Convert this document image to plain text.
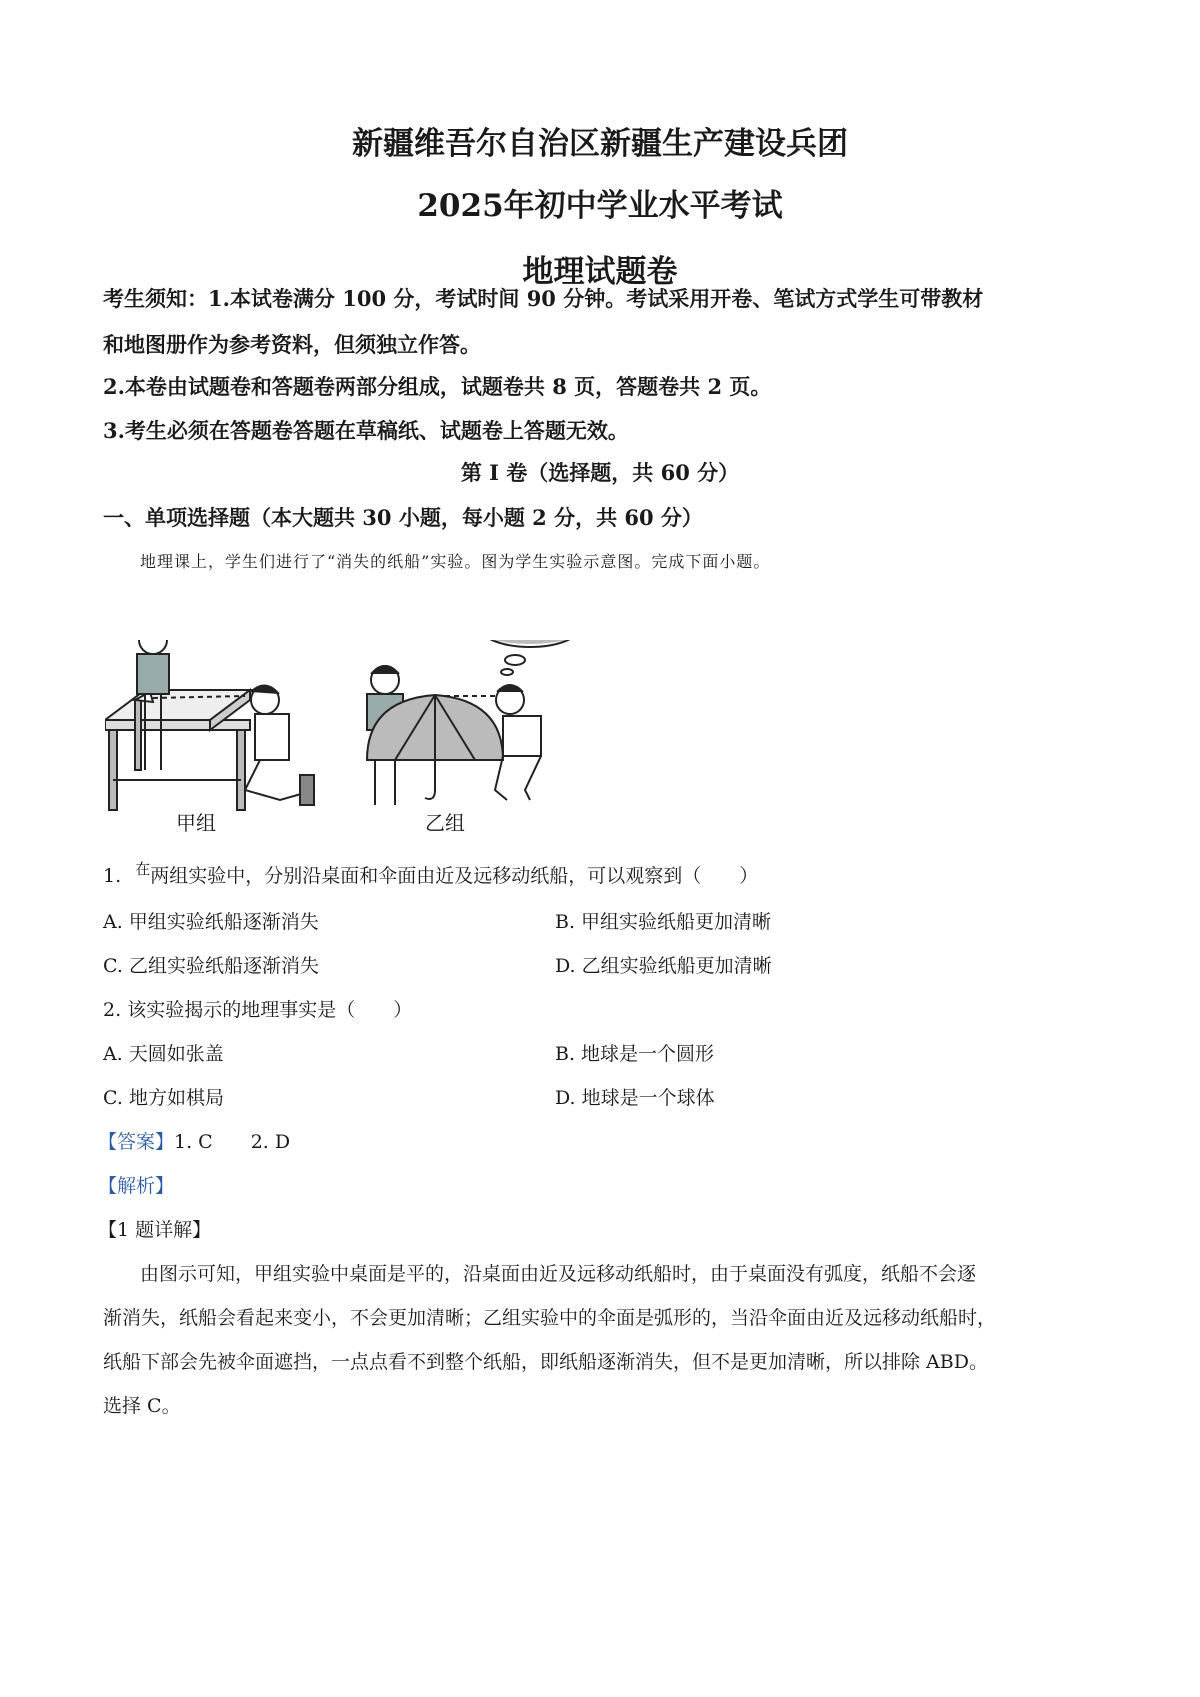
新疆维吾尔自治区新疆生产建设兵团
2025年初中学业水平考试
地理试题卷
考生须知：1.本试卷满分 100 分，考试时间 90 分钟。考试采用开卷、笔试方式学生可带教材
和地图册作为参考资料，但须独立作答。
2.本卷由试题卷和答题卷两部分组成，试题卷共 8 页，答题卷共 2 页。
3.考生必须在答题卷答题在草稿纸、试题卷上答题无效。
第 I 卷（选择题，共 60 分）
一、单项选择题（本大题共 30 小题，每小题 2 分，共 60 分）
地理课上，学生们进行了“消失的纸船”实验。图为学生实验示意图。完成下面小题。
甲组	乙组
1. $^在$两组实验中，分别沿桌面和伞面由近及远移动纸船，可以观察到（　　）
A. 甲组实验纸船逐渐消失	B. 甲组实验纸船更加清晰
C. 乙组实验纸船逐渐消失	D. 乙组实验纸船更加清晰
2. 该实验揭示的地理事实是（　　）
A. 天圆如张盖	B. 地球是一个圆形
C. 地方如棋局	D. 地球是一个球体
【答案】1. C　　2. D
【解析】
【1 题详解】
由图示可知，甲组实验中桌面是平的，沿桌面由近及远移动纸船时，由于桌面没有弧度，纸船不会逐
渐消失，纸船会看起来变小，不会更加清晰；乙组实验中的伞面是弧形的，当沿伞面由近及远移动纸船时，
纸船下部会先被伞面遮挡，一点点看不到整个纸船，即纸船逐渐消失，但不是更加清晰，所以排除 ABD。
选择 C。
